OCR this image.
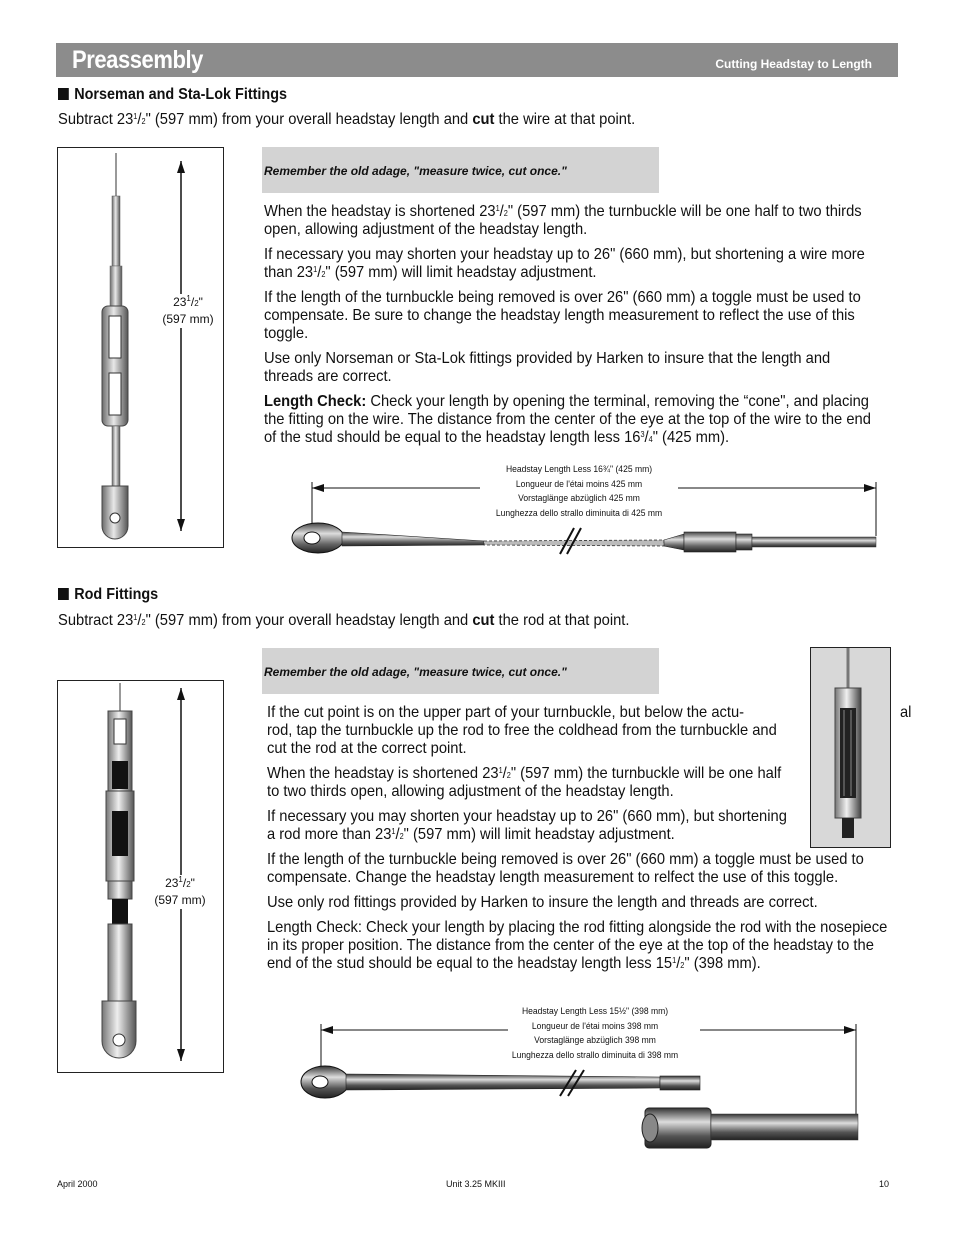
Preassembly	Cutting Headstay to Length
Norseman and Sta-Lok Fittings
Subtract $23^1/2$" (597 mm) from your overall headstay length and cut the wire at that point.
$23^1/2$"
(597 mm)
Remember the old adage, "measure twice, cut once."

When the headstay is shortened $23^1/2$" (597 mm) the turnbuckle will be one half to two thirds open, allowing adjustment of the headstay length.

If necessary you may shorten your headstay up to 26" (660 mm), but shortening a wire more than $23^1/2$" (597 mm) will limit headstay adjustment.

If the length of the turnbuckle being removed is over 26" (660 mm) a toggle must be used to compensate. Be sure to change the headstay length measurement to reflect the use of this toggle.

Use only Norseman or Sta-Lok fittings provided by Harken to insure that the length and threads are correct.

Length Check: Check your length by opening the terminal, removing the “cone", and placing the fitting on the wire. The distance from the center of the eye at the top of the wire to the end of the stud should be equal to the headstay length less $16^3/4$" (425 mm).

Headstay Length Less 16¾" (425 mm)
Longueur de l'étai moins 425 mm
Vorstaglänge abzüglich 425 mm
Lunghezza dello strallo diminuita di 425 mm
Rod Fittings
Subtract $23^1/2$" (597 mm) from your overall headstay length and cut the rod at that point.
Remember the old adage, "measure twice, cut once."
$23^1/2$"
(597 mm)

If the cut point is on the upper part of your turnbuckle, but below the actu-	al
rod, tap the turnbuckle up the rod to free the coldhead from the turnbuckle and cut the rod at the correct point.

When the headstay is shortened $23^1/2$" (597 mm) the turnbuckle will be one half to two thirds open, allowing adjustment of the headstay length.

If necessary you may shorten your headstay up to 26" (660 mm), but shortening a rod more than $23^1/2$" (597 mm) will limit headstay adjustment.

If the length of the turnbuckle being removed is over 26" (660 mm) a toggle must be used to compensate. Change the headstay length measurement to relfect the use of this toggle.

Use only rod fittings provided by Harken to insure the length and threads are correct.

Length Check: Check your length by placing the rod fitting alongside the rod with the nosepiece in its proper position. The distance from the center of the eye at the top of the headstay to the end of the stud should be equal to the headstay length less $15^1/2$" (398 mm).

Headstay Length Less 15½" (398 mm)
Longueur de l'étai moins 398 mm
Vorstaglänge abzüglich 398 mm
Lunghezza dello strallo diminuita di 398 mm
April 2000	Unit 3.25 MKIII	10
